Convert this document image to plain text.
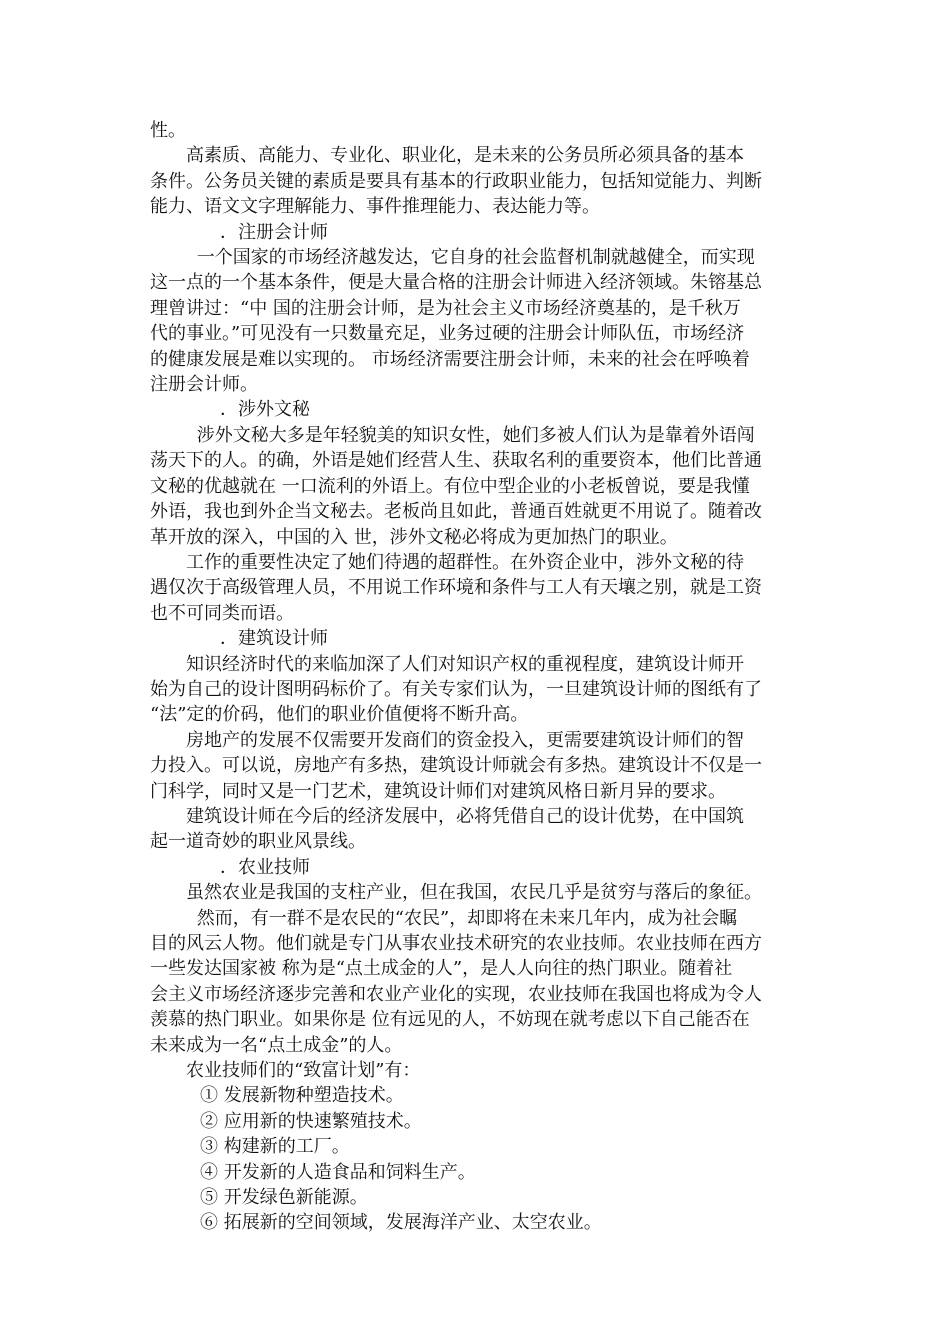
性。

高素质、高能力、专业化、职业化，是未来的公务员所必须具备的基本
条件。公务员关键的素质是要具有基本的行政职业能力，包括知觉能力、判断
能力、语文文字理解能力、事件推理能力、表达能力等。

．注册会计师

一个国家的市场经济越发达，它自身的社会监督机制就越健全，而实现
这一点的一个基本条件，便是大量合格的注册会计师进入经济领域。朱镕基总
理曾讲过：“中 国的注册会计师，是为社会主义市场经济奠基的，是千秋万
代的事业。”可见没有一只数量充足，业务过硬的注册会计师队伍，市场经济
的健康发展是难以实现的。 市场经济需要注册会计师，未来的社会在呼唤着
注册会计师。

．涉外文秘

涉外文秘大多是年轻貌美的知识女性，她们多被人们认为是靠着外语闯
荡天下的人。的确，外语是她们经营人生、获取名利的重要资本，他们比普通
文秘的优越就在 一口流利的外语上。有位中型企业的小老板曾说，要是我懂
外语，我也到外企当文秘去。老板尚且如此，普通百姓就更不用说了。随着改
革开放的深入，中国的入 世，涉外文秘必将成为更加热门的职业。

工作的重要性决定了她们待遇的超群性。在外资企业中，涉外文秘的待
遇仅次于高级管理人员，不用说工作环境和条件与工人有天壤之别，就是工资
也不可同类而语。

．建筑设计师

知识经济时代的来临加深了人们对知识产权的重视程度，建筑设计师开
始为自己的设计图明码标价了。有关专家们认为，一旦建筑设计师的图纸有了
“法”定的价码，他们的职业价值便将不断升高。

房地产的发展不仅需要开发商们的资金投入，更需要建筑设计师们的智
力投入。可以说，房地产有多热，建筑设计师就会有多热。建筑设计不仅是一
门科学，同时又是一门艺术，建筑设计师们对建筑风格日新月异的要求。

建筑设计师在今后的经济发展中，必将凭借自己的设计优势，在中国筑
起一道奇妙的职业风景线。

．农业技师

虽然农业是我国的支柱产业，但在我国，农民几乎是贫穷与落后的象征。

然而，有一群不是农民的“农民”，却即将在未来几年内，成为社会瞩
目的风云人物。他们就是专门从事农业技术研究的农业技师。农业技师在西方
一些发达国家被 称为是“点土成金的人”，是人人向往的热门职业。随着社
会主义市场经济逐步完善和农业产业化的实现，农业技师在我国也将成为令人
羡慕的热门职业。如果你是 位有远见的人，不妨现在就考虑以下自己能否在
未来成为一名“点土成金”的人。

农业技师们的“致富计划”有：

① 发展新物种塑造技术。

② 应用新的快速繁殖技术。

③ 构建新的工厂。

④ 开发新的人造食品和饲料生产。

⑤ 开发绿色新能源。

⑥ 拓展新的空间领域，发展海洋产业、太空农业。
